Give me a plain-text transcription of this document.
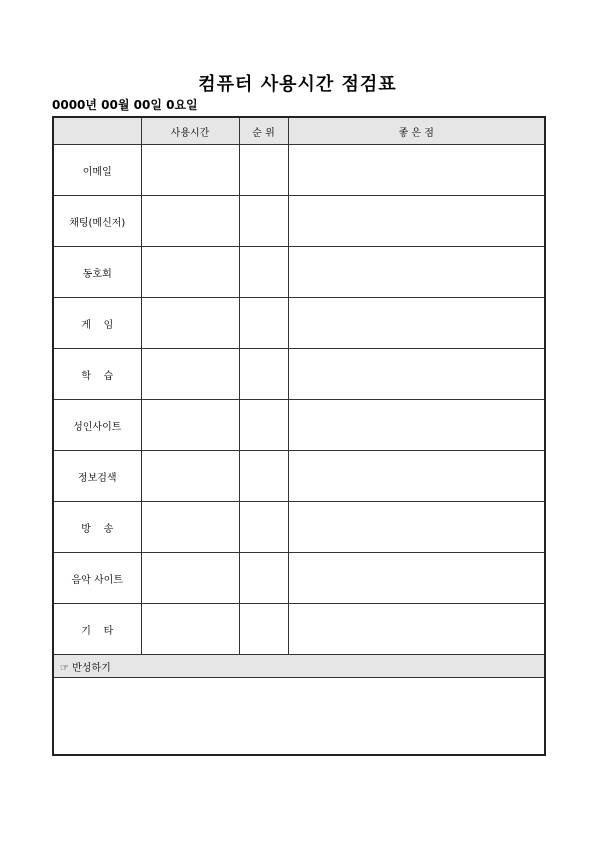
컴퓨터 사용시간 점검표
0000년 00월 00일 0요일
	사용시간	순 위	좋 은 점
이메일			
채팅(메신저)			
동호회			
게    임			
학    습			
성인사이트			
정보검색			
방    송			
음악 사이트			
기    타			
☞ 반성하기			
